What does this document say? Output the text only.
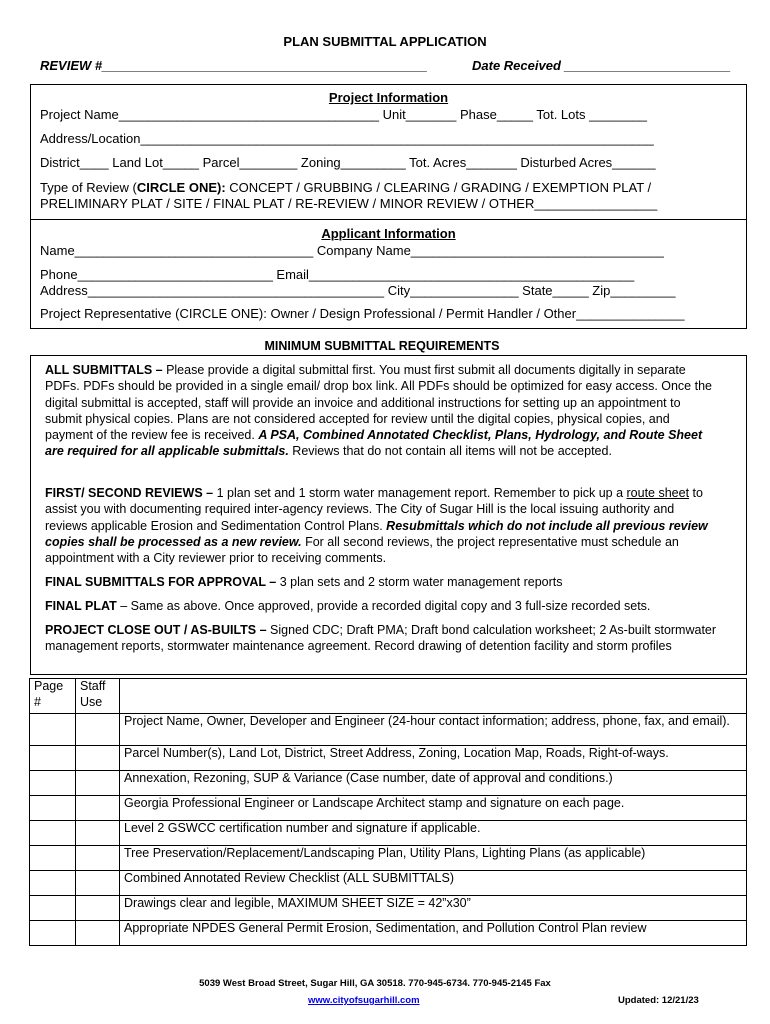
PLAN SUBMITTAL APPLICATION
REVIEW #_____________________________________________	Date Received _______________________
Project Information
Project Name____________________________________ Unit_______ Phase_____ Tot. Lots ________
Address/Location_______________________________________________________________________
District____ Land Lot_____ Parcel________ Zoning_________ Tot. Acres_______ Disturbed Acres______
Type of Review (CIRCLE ONE): CONCEPT / GRUBBING / CLEARING / GRADING / EXEMPTION PLAT /
PRELIMINARY PLAT / SITE / FINAL PLAT / RE-REVIEW / MINOR REVIEW / OTHER_________________
Applicant Information
Name_________________________________ Company Name___________________________________
Phone___________________________ Email_____________________________________________
Address_________________________________________ City_______________ State_____ Zip_________
Project Representative (CIRCLE ONE): Owner / Design Professional / Permit Handler / Other_______________
MINIMUM SUBMITTAL REQUIREMENTS
ALL SUBMITTALS – Please provide a digital submittal first. You must first submit all documents digitally in separate PDFs. PDFs should be provided in a single email/ drop box link. All PDFs should be optimized for easy access. Once the digital submittal is accepted, staff will provide an invoice and additional instructions for setting up an appointment to submit physical copies. Plans are not considered accepted for review until the digital copies, physical copies, and payment of the review fee is received. A PSA, Combined Annotated Checklist, Plans, Hydrology, and Route Sheet are required for all applicable submittals. Reviews that do not contain all items will not be accepted.
FIRST/ SECOND REVIEWS – 1 plan set and 1 storm water management report. Remember to pick up a route sheet to assist you with documenting required inter-agency reviews. The City of Sugar Hill is the local issuing authority and reviews applicable Erosion and Sedimentation Control Plans. Resubmittals which do not include all previous review copies shall be processed as a new review. For all second reviews, the project representative must schedule an appointment with a City reviewer prior to receiving comments.
FINAL SUBMITTALS FOR APPROVAL – 3 plan sets and 2 storm water management reports
FINAL PLAT – Same as above. Once approved, provide a recorded digital copy and 3 full-size recorded sets.
PROJECT CLOSE OUT / AS-BUILTS – Signed CDC; Draft PMA; Draft bond calculation worksheet; 2 As-built stormwater management reports, stormwater maintenance agreement. Record drawing of detention facility and storm profiles
Page #	Staff Use	
		Project Name, Owner, Developer and Engineer (24-hour contact information; address, phone, fax, and email).
		Parcel Number(s), Land Lot, District, Street Address, Zoning, Location Map, Roads, Right-of-ways.
		Annexation, Rezoning, SUP & Variance (Case number, date of approval and conditions.)
		Georgia Professional Engineer or Landscape Architect stamp and signature on each page.
		Level 2 GSWCC certification number and signature if applicable.
		Tree Preservation/Replacement/Landscaping Plan, Utility Plans, Lighting Plans (as applicable)
		Combined Annotated Review Checklist (ALL SUBMITTALS)
		Drawings clear and legible, MAXIMUM SHEET SIZE = 42”x30”
		Appropriate NPDES General Permit Erosion, Sedimentation, and Pollution Control Plan review
5039 West Broad Street, Sugar Hill, GA 30518. 770-945-6734. 770-945-2145 Fax
www.cityofsugarhill.com	Updated: 12/21/23
